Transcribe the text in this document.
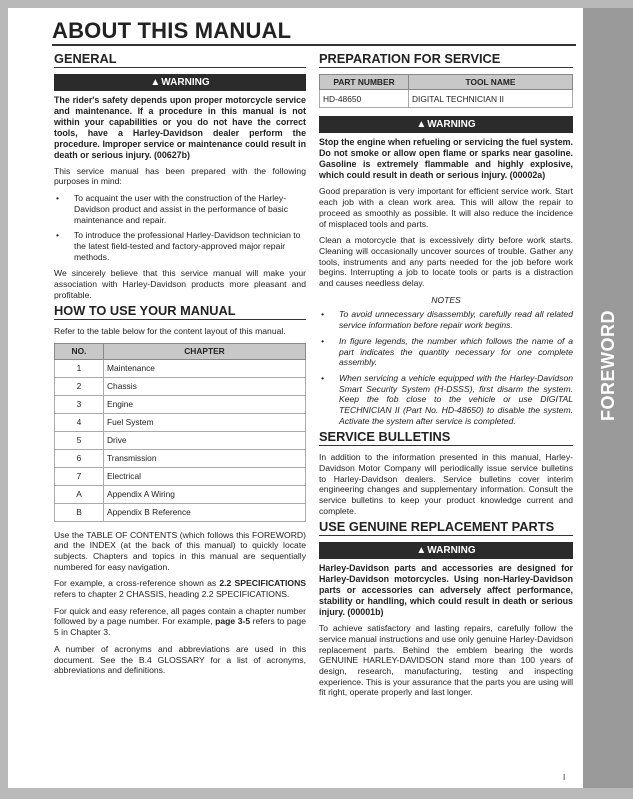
FOREWORD
ABOUT THIS MANUAL
GENERAL
▲WARNING
The rider's safety depends upon proper motorcycle service and maintenance. If a procedure in this manual is not within your capabilities or you do not have the correct tools, have a Harley-Davidson dealer perform the procedure. Improper service or maintenance could result in death or serious injury. (00627b)

This service manual has been prepared with the following purposes in mind:

• To acquaint the user with the construction of the Harley-Davidson product and assist in the performance of basic maintenance and repair.
• To introduce the professional Harley-Davidson technician to the latest field-tested and factory-approved major repair methods.

We sincerely believe that this service manual will make your association with Harley-Davidson products more pleasant and profitable.

HOW TO USE YOUR MANUAL

Refer to the table below for the content layout of this manual.

NO.	CHAPTER
1	Maintenance
2	Chassis
3	Engine
4	Fuel System
5	Drive
6	Transmission
7	Electrical
A	Appendix A Wiring
B	Appendix B Reference

Use the TABLE OF CONTENTS (which follows this FOREWORD) and the INDEX (at the back of this manual) to quickly locate subjects. Chapters and topics in this manual are sequentially numbered for easy navigation.

For example, a cross-reference shown as 2.2 SPECIFICATIONS refers to chapter 2 CHASSIS, heading 2.2 SPECIFICATIONS.

For quick and easy reference, all pages contain a chapter number followed by a page number. For example, page 3-5 refers to page 5 in Chapter 3.

A number of acronyms and abbreviations are used in this document. See the B.4 GLOSSARY for a list of acronyms, abbreviations and definitions.

PREPARATION FOR SERVICE
PART NUMBER	TOOL NAME
HD-48650	DIGITAL TECHNICIAN II
▲WARNING
Stop the engine when refueling or servicing the fuel system. Do not smoke or allow open flame or sparks near gasoline. Gasoline is extremely flammable and highly explosive, which could result in death or serious injury. (00002a)

Good preparation is very important for efficient service work. Start each job with a clean work area. This will allow the repair to proceed as smoothly as possible. It will also reduce the incidence of misplaced tools and parts.

Clean a motorcycle that is excessively dirty before work starts. Cleaning will occasionally uncover sources of trouble. Gather any tools, instruments and any parts needed for the job before work begins. Interrupting a job to locate tools or parts is a distraction and causes needless delay.

NOTES
• To avoid unnecessary disassembly, carefully read all related service information before repair work begins.
• In figure legends, the number which follows the name of a part indicates the quantity necessary for one complete assembly.
• When servicing a vehicle equipped with the Harley-Davidson Smart Security System (H-DSSS), first disarm the system. Keep the fob close to the vehicle or use DIGITAL TECHNICIAN II (Part No. HD-48650) to disable the system. Activate the system after service is completed.
SERVICE BULLETINS

In addition to the information presented in this manual, Harley-Davidson Motor Company will periodically issue service bulletins to Harley-Davidson dealers. Service bulletins cover interim engineering changes and supplementary information. Consult the service bulletins to keep your product knowledge current and complete.

USE GENUINE REPLACEMENT PARTS
▲WARNING
Harley-Davidson parts and accessories are designed for Harley-Davidson motorcycles. Using non-Harley-Davidson parts or accessories can adversely affect performance, stability or handling, which could result in death or serious injury. (00001b)

To achieve satisfactory and lasting repairs, carefully follow the service manual instructions and use only genuine Harley-Davidson replacement parts. Behind the emblem bearing the words GENUINE HARLEY-DAVIDSON stand more than 100 years of design, research, manufacturing, testing and inspecting experience. This is your assurance that the parts you are using will fit right, operate properly and last longer.

I
